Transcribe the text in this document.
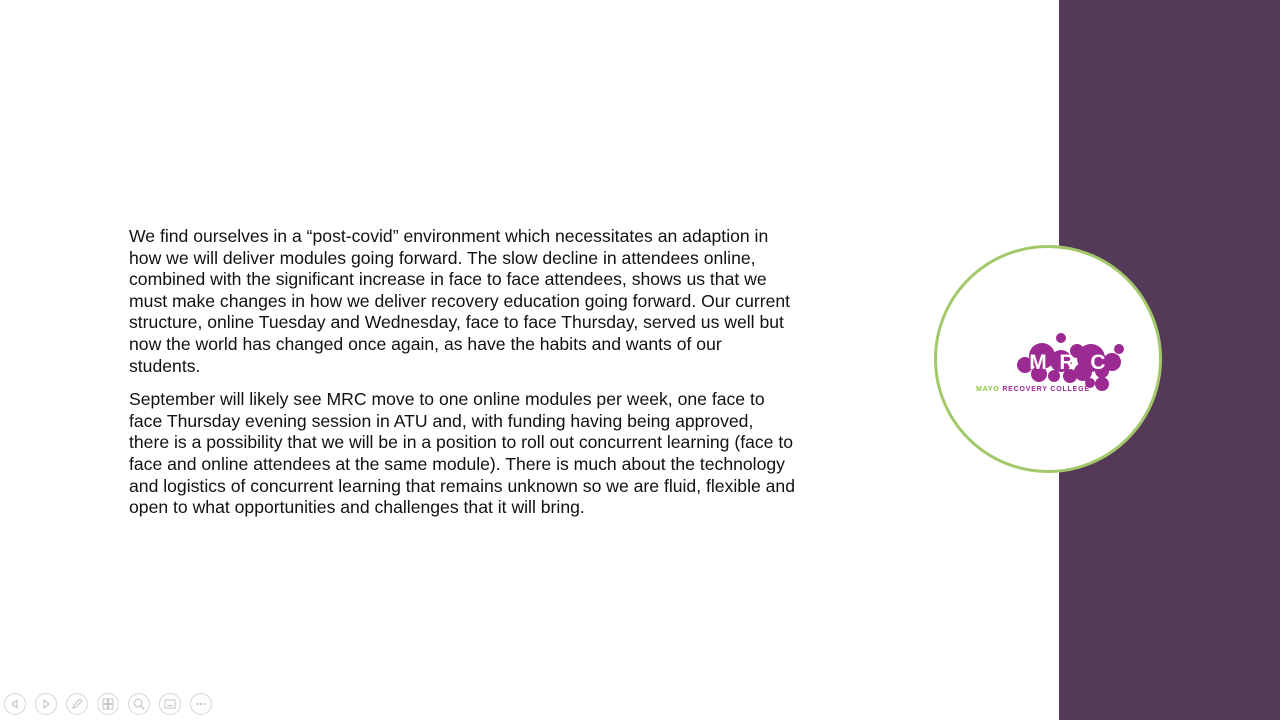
We find ourselves in a “post-covid” environment which necessitates an adaption in how we will deliver modules going forward. The slow decline in attendees online, combined with the significant increase in face to face attendees, shows us that we must make changes in how we deliver recovery education going forward. Our current structure, online Tuesday and Wednesday, face to face Thursday, served us well but now the world has changed once again, as have the habits and wants of our students.

September will likely see MRC move to one online modules per week, one face to face Thursday evening session in ATU and, with funding having being approved, there is a possibility that we will be in a position to roll out concurrent learning (face to face and online attendees at the same module). There is much about the technology and logistics of concurrent learning that remains unknown so we are fluid, flexible and open to what opportunities and challenges that it will bring.

M R C
MAYO RECOVERY COLLEGE
